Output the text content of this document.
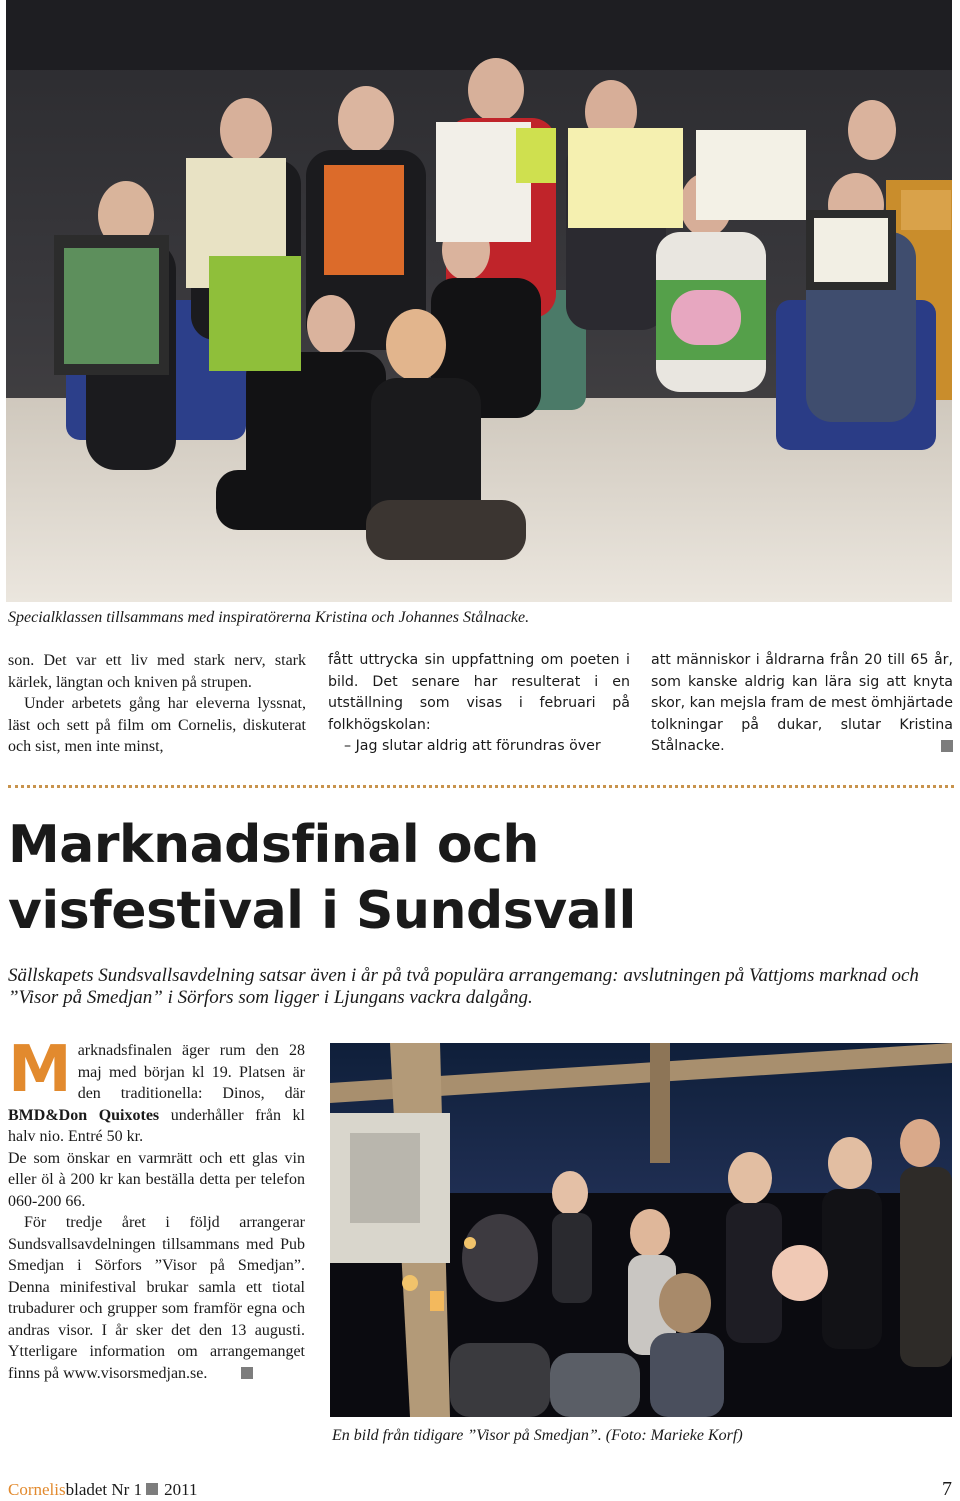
Specialklassen tillsammans med inspiratörerna Kristina och Johannes Stålnacke.

son. Det var ett liv med stark nerv, stark kärlek, längtan och kniven på strupen.

Under arbetets gång har eleverna lyssnat, läst och sett på film om Cornelis, diskuterat och sist, men inte minst,

fått uttrycka sin uppfattning om poeten i bild. Det senare har resulterat i en utställning som visas i februari på folkhögskolan:

– Jag slutar aldrig att förundras över

att människor i åldrarna från 20 till 65 år, som kanske aldrig kan lära sig att knyta skor, kan mejsla fram de mest ömhjärtade tolkningar på dukar, slutar Kristina Stålnacke.

Marknadsfinal och
visfestival i Sundsvall
Sällskapets Sundsvallsavdelning satsar även i år på två populära arrangemang: avslutningen på Vattjoms marknad och ”Visor på Smedjan” i Sörfors som ligger i Ljungans vackra dalgång.

Marknadsfinalen äger rum den 28 maj med början kl 19. Platsen är den traditionella: Dinos, där BMD&Don Quixotes underhåller från kl halv nio. Entré 50 kr.

De som önskar en varmrätt och ett glas vin eller öl à 200 kr kan beställa detta per telefon 060-200 66.

För tredje året i följd arrangerar Sundsvallsavdelningen tillsammans med Pub Smedjan i Sörfors ”Visor på Smedjan”. Denna minifestival brukar samla ett tiotal trubadurer och grupper som framför egna och andras visor. I år sker det den 13 augusti. Ytterligare information om arrangemanget finns på www.visorsmedjan.se.

En bild från tidigare ”Visor på Smedjan”. (Foto: Marieke Korf)
Cornelisbladet Nr 1 2011	7
